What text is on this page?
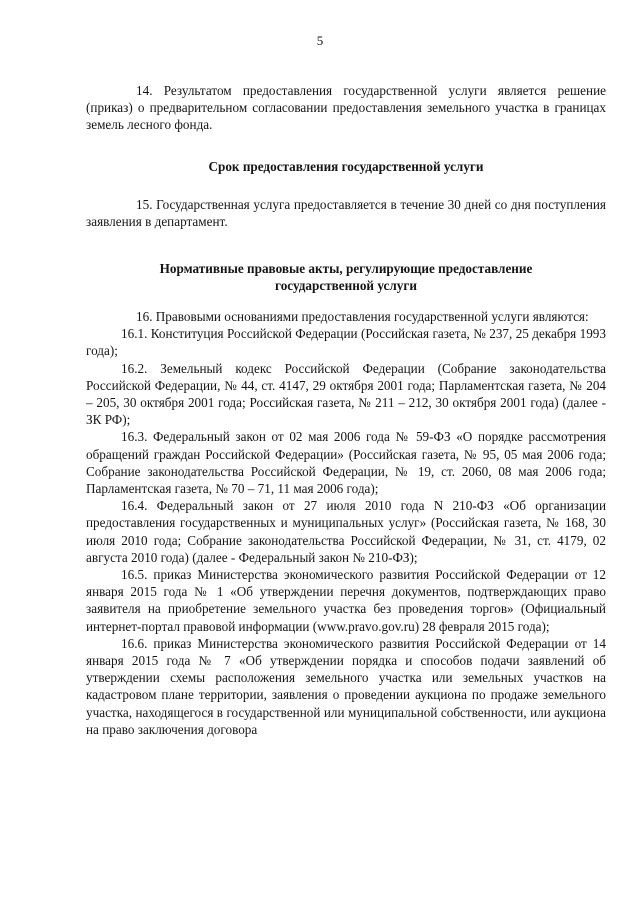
5

14. Результатом предоставления государственной услуги является решение (приказ) о предварительном согласовании предоставления земельного участка в границах земель лесного фонда.

Срок предоставления государственной услуги

15. Государственная услуга предоставляется в течение 30 дней со дня поступления заявления в департамент.

Нормативные правовые акты, регулирующие предоставление государственной услуги

16. Правовыми основаниями предоставления государственной услуги являются:

16.1. Конституция Российской Федерации (Российская газета, № 237, 25 декабря 1993 года);

16.2. Земельный кодекс Российской Федерации (Собрание законодательства Российской Федерации, № 44, ст. 4147, 29 октября 2001 года; Парламентская газета, № 204 – 205, 30 октября 2001 года; Российская газета, № 211 – 212, 30 октября 2001 года) (далее - ЗК РФ);

16.3. Федеральный закон от 02 мая 2006 года № 59-ФЗ «О порядке рассмотрения обращений граждан Российской Федерации» (Российская газета, № 95, 05 мая 2006 года; Собрание законодательства Российской Федерации, № 19, ст. 2060, 08 мая 2006 года; Парламентская газета, № 70 – 71, 11 мая 2006 года);

16.4. Федеральный закон от 27 июля 2010 года N 210-ФЗ «Об организации предоставления государственных и муниципальных услуг» (Российская газета, № 168, 30 июля 2010 года; Собрание законодательства Российской Федерации, № 31, ст. 4179, 02 августа 2010 года) (далее - Федеральный закон № 210-ФЗ);

16.5. приказ Министерства экономического развития Российской Федерации от 12 января 2015 года № 1 «Об утверждении перечня документов, подтверждающих право заявителя на приобретение земельного участка без проведения торгов» (Официальный интернет-портал правовой информации (www.pravo.gov.ru) 28 февраля 2015 года);

16.6. приказ Министерства экономического развития Российской Федерации от 14 января 2015 года № 7 «Об утверждении порядка и способов подачи заявлений об утверждении схемы расположения земельного участка или земельных участков на кадастровом плане территории, заявления о проведении аукциона по продаже земельного участка, находящегося в государственной или муниципальной собственности, или аукциона на право заключения договора
